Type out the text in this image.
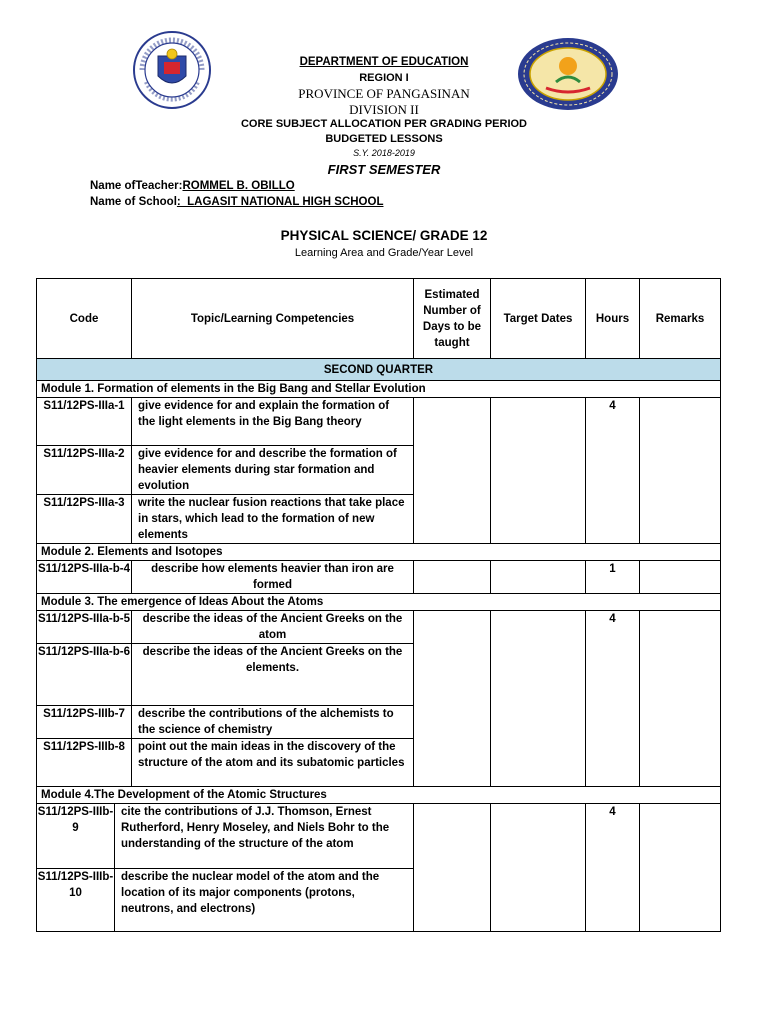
DEPARTMENT OF EDUCATION
REGION I
PROVINCE OF PANGASINAN
DIVISION II
CORE SUBJECT ALLOCATION PER GRADING PERIOD
BUDGETED LESSONS
S.Y. 2018-2019
FIRST SEMESTER
Name ofTeacher:ROMMEL B. OBILLO
Name of School:  LAGASIT NATIONAL HIGH SCHOOL
PHYSICAL SCIENCE/ GRADE 12
Learning Area and Grade/Year Level
Code		Topic/Learning Competencies	Estimated Number of Days to be taught	Target Dates	Hours	Remarks
SECOND QUARTER						
Module 1. Formation of elements in the Big Bang and Stellar Evolution						
S11/12PS-IIIa-1		give evidence for and explain the formation of the light elements in the Big Bang theory			4	
S11/12PS-IIIa-2		give evidence for and describe the formation of heavier elements during star formation and evolution				
S11/12PS-IIIa-3		write the nuclear fusion reactions that take place in stars, which lead to the formation of new elements				
Module 2. Elements and Isotopes						
S11/12PS-IIIa-b-4		describe how elements heavier than iron are formed			1	
Module 3. The emergence of Ideas About the Atoms						
S11/12PS-IIIa-b-5		describe the ideas of the Ancient Greeks on the atom			4	
S11/12PS-IIIa-b-6		describe the ideas of the Ancient Greeks on the elements.				
S11/12PS-IIIb-7		describe the contributions of the alchemists to the science of chemistry				
S11/12PS-IIIb-8		point out the main ideas in the discovery of the structure of the atom and its subatomic particles				
Module 4.The Development of the Atomic Structures						
S11/12PS-IIIb-9	cite the contributions of J.J. Thomson, Ernest Rutherford, Henry Moseley, and Niels Bohr to the understanding of the structure of the atom				4	
S11/12PS-IIIb-10	describe the nuclear model of the atom and the location of its major components (protons, neutrons, and electrons)					
